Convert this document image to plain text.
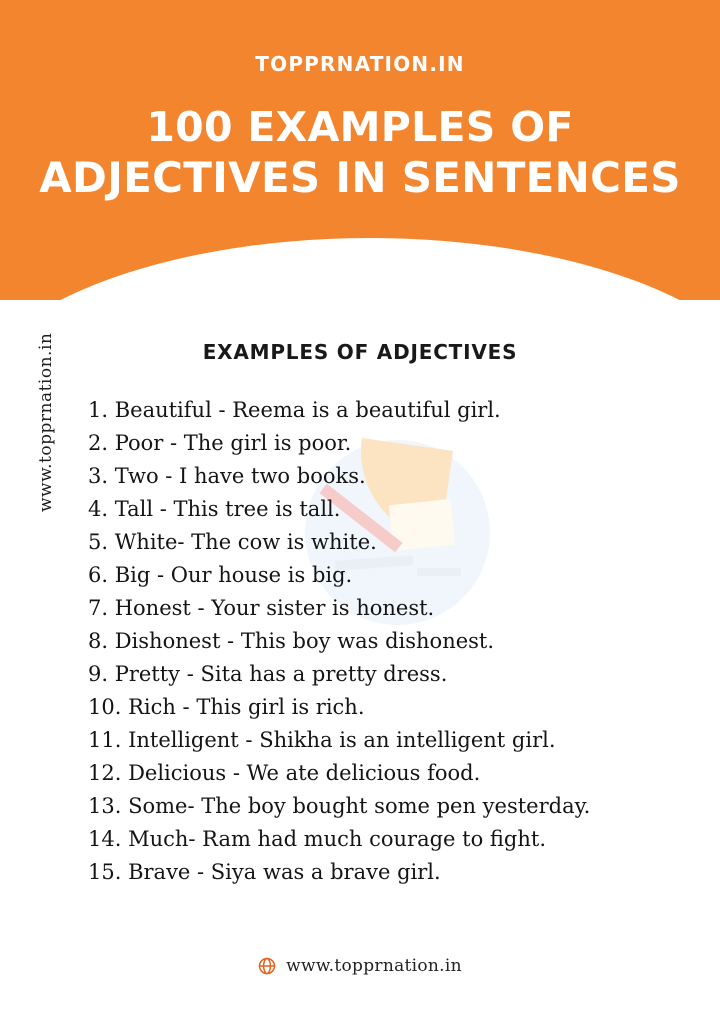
TOPPRNATION.IN
100 EXAMPLES OF
ADJECTIVES IN SENTENCES
www.topprnation.in	EXAMPLES OF ADJECTIVES
1. Beautiful - Reema is a beautiful girl.
2. Poor - The girl is poor.
3. Two - I have two books.
4. Tall - This tree is tall.
5. White- The cow is white.
6. Big - Our house is big.
7. Honest - Your sister is honest.
8. Dishonest - This boy was dishonest.
9. Pretty - Sita has a pretty dress.
10. Rich - This girl is rich.
11. Intelligent - Shikha is an intelligent girl.
12. Delicious - We ate delicious food.
13. Some- The boy bought some pen yesterday.
14. Much- Ram had much courage to fight.
15. Brave - Siya was a brave girl.
www.topprnation.in
